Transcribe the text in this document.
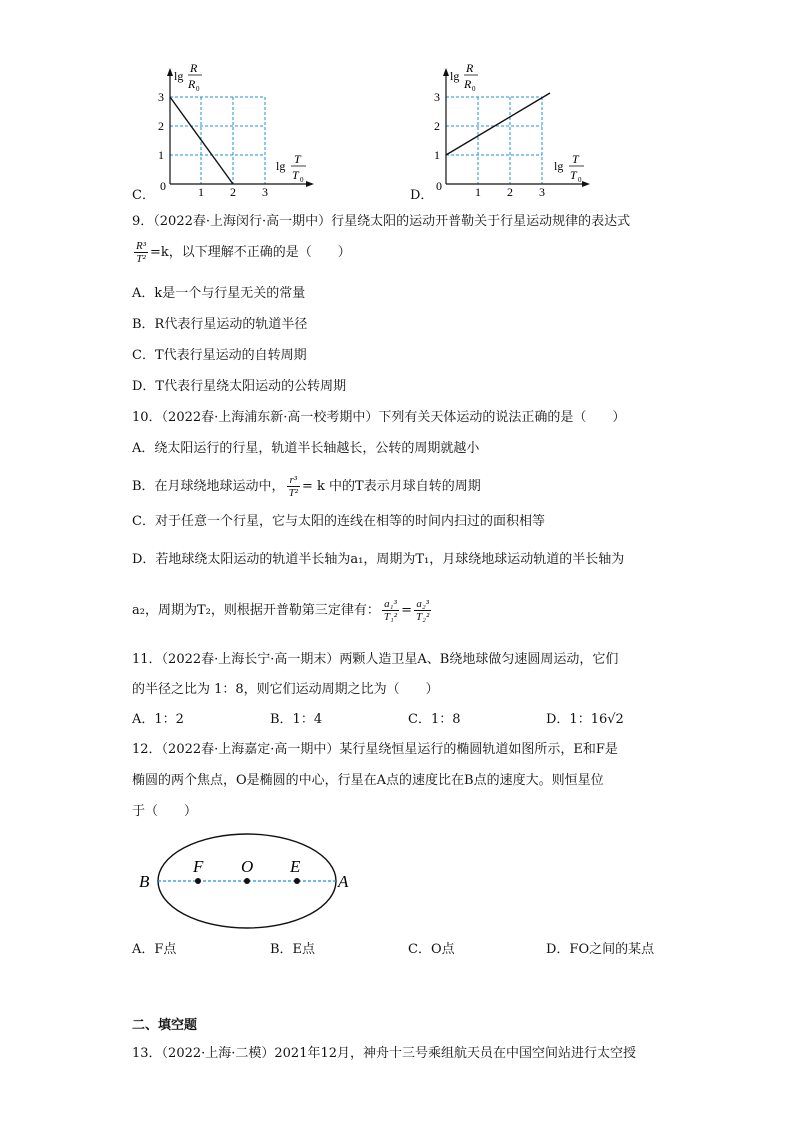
C．
0	1 2 3
1
2
3
lg
R
R 0
lg T
T 0
D．
0	1 2 3
1
2
3
lg
R
R 0
lg T
T 0
9．（2022春·上海闵行·高一期中）行星绕太阳的运动开普勒关于行星运动规律的表达式
$\frac{\text{R³}}{\text{T²}} =k$，以下理解不正确的是（　　）
A．k是一个与行星无关的常量
B．R代表行星运动的轨道半径
C．T代表行星运动的自转周期
D．T代表行星绕太阳运动的公转周期
10．（2022春·上海浦东新·高一校考期中）下列有关天体运动的说法正确的是（　　）
A．绕太阳运行的行星，轨道半长轴越长，公转的周期就越小
B．在月球绕地球运动中， $\frac{\text{r³}}{\text{T²}} = k$ 中的T表示月球自转的周期
C．对于任意一个行星，它与太阳的连线在相等的时间内扫过的面积相等
D．若地球绕太阳运动的轨道半长轴为a₁，周期为T₁，月球绕地球运动轨道的半长轴为
a₂，周期为T₂，则根据开普勒第三定律有： $\frac{\text{a₁³}}{\text{T₁²}} = \frac{\text{a₂³}}{\text{T₂²}}$
11．（2022春·上海长宁·高一期末）两颗人造卫星A、B绕地球做匀速圆周运动，它们
的半径之比为 1：8，则它们运动周期之比为（　　）
A．1：2	B．1：4	C．1：8	D．1：16√2
12．（2022春·上海嘉定·高一期中）某行星绕恒星运行的椭圆轨道如图所示，E和F是
椭圆的两个焦点，O是椭圆的中心，行星在A点的速度比在B点的速度大。则恒星位
于（　　）
B
F O E
A
A．F点	B．E点	C．O点	D．FO之间的某点
二、填空题
13．（2022·上海·二模）2021年12月，神舟十三号乘组航天员在中国空间站进行太空授
